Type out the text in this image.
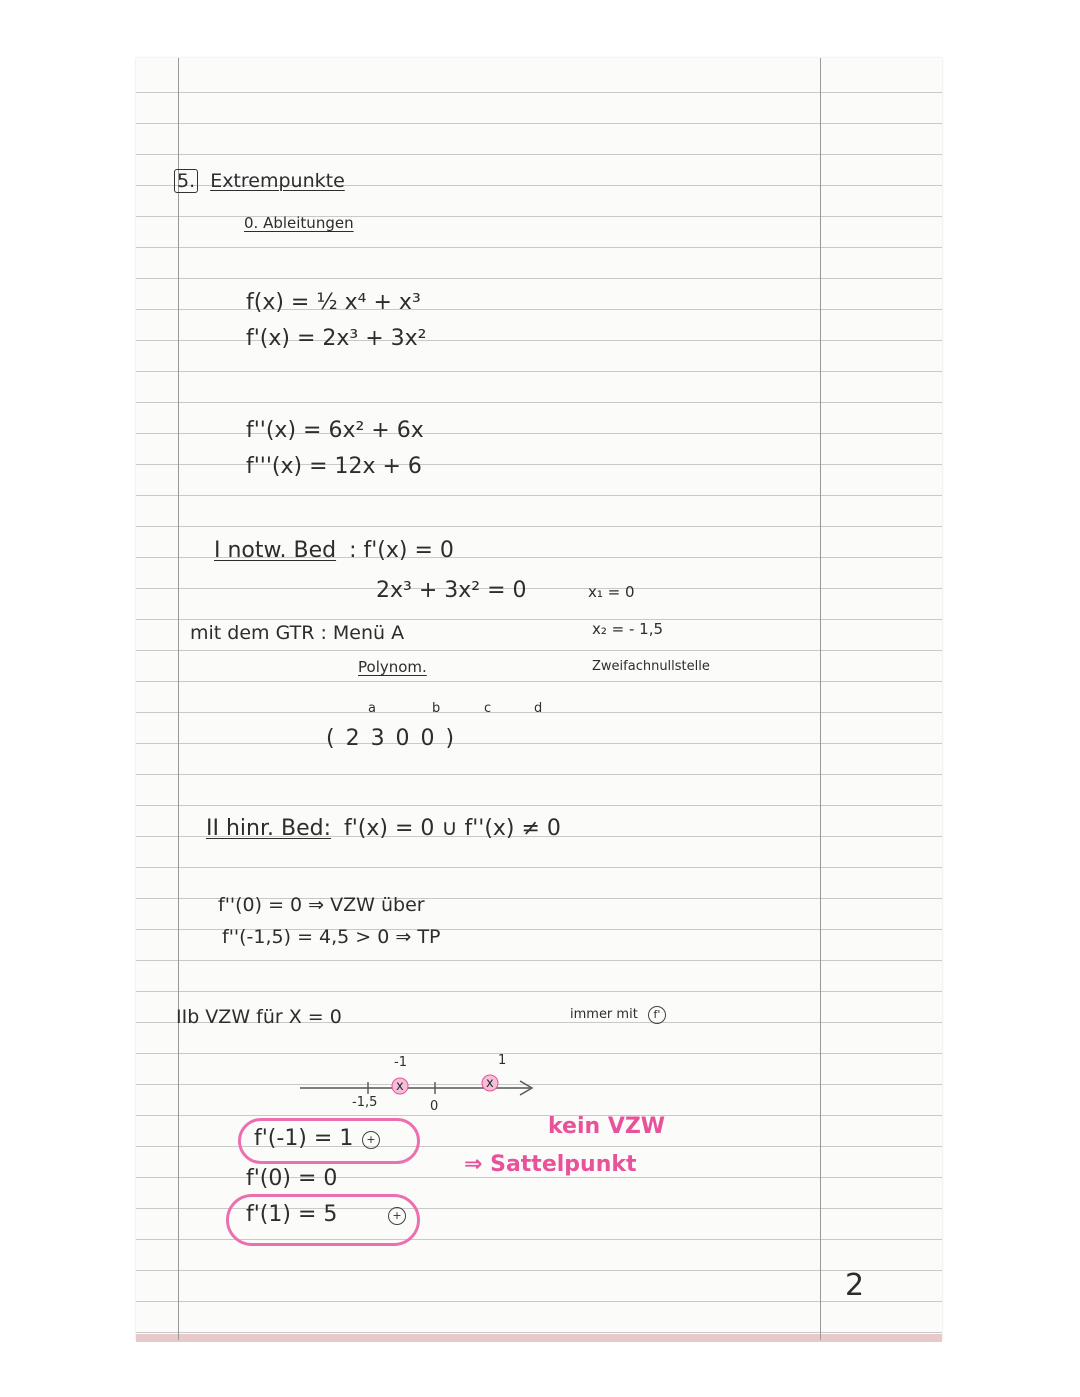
5. Extrempunkte
0. Ableitungen
f(x) = ½ x⁴ + x³
f'(x) = 2x³ + 3x²
f''(x) = 6x² + 6x
f'''(x) = 12x + 6
I notw. Bed : f'(x) = 0
2x³ + 3x² = 0	x₁ = 0
mit dem GTR : Menü A	x₂ = - 1,5
Polynom.	Zweifachnullstelle
a	b	c	d
( 2 3 0 0 )
II hinr. Bed: f'(x) = 0 ∪ f''(x) ≠ 0
f''(0) = 0 ⇒ VZW über
f''(-1,5) = 4,5 > 0 ⇒ TP
IIb VZW für X = 0	immer mit f'
-1	1
x	x
-1,5	0
f'(-1) = 1	+
f'(0) = 0
f'(1) = 5	+
kein VZW
⇒ Sattelpunkt
2
